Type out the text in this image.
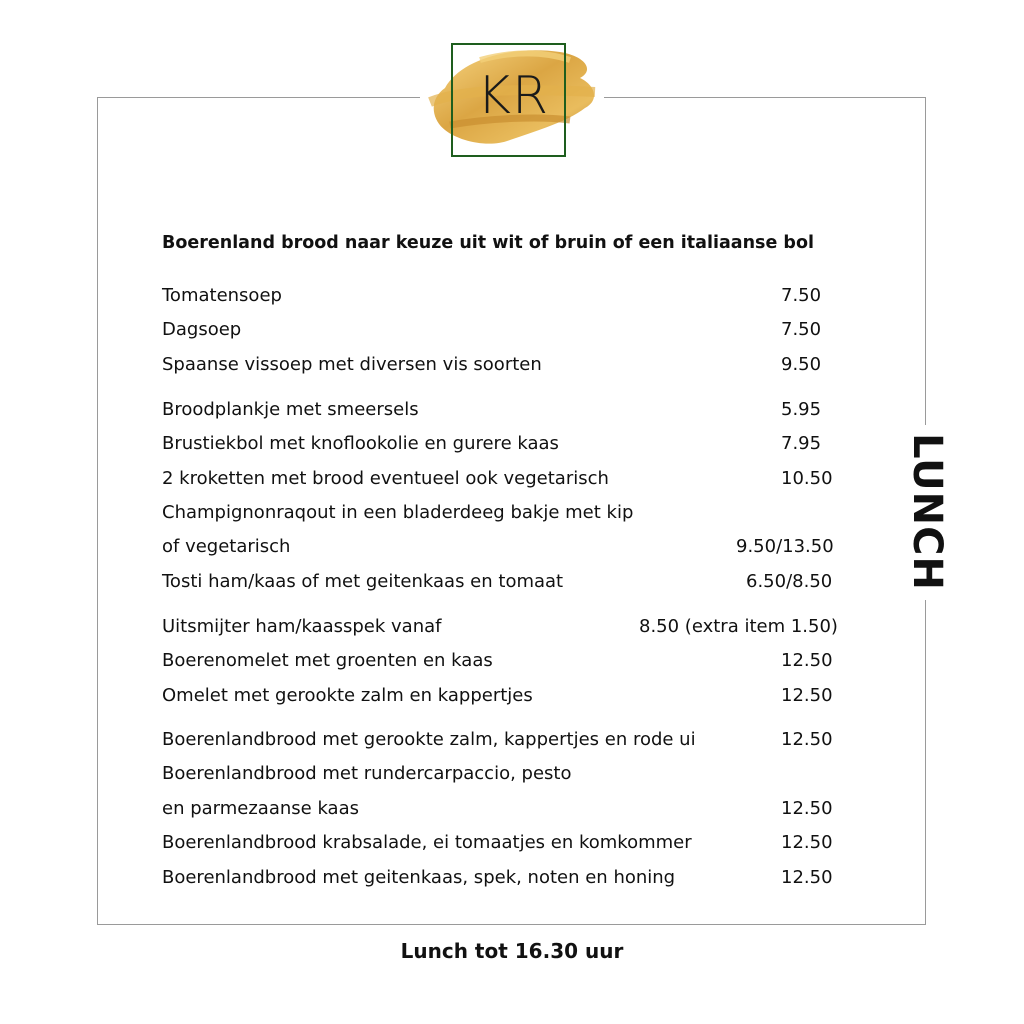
KR
LUNCH
Boerenland brood naar keuze uit wit of bruin of een italiaanse bol
Tomatensoep	7.50
Dagsoep	7.50
Spaanse vissoep met diversen vis soorten	9.50
Broodplankje met smeersels	5.95
Brustiekbol met knoflookolie en gurere kaas	7.95
2 kroketten met brood eventueel ook vegetarisch	10.50
Champignonraqout in een bladerdeeg bakje met kip
of vegetarisch	9.50/13.50
Tosti ham/kaas of met geitenkaas en tomaat	6.50/8.50
Uitsmijter ham/kaasspek vanaf	8.50 (extra item 1.50)
Boerenomelet met groenten en kaas	12.50
Omelet met gerookte zalm en kappertjes	12.50
Boerenlandbrood met gerookte zalm, kappertjes en rode ui	12.50
Boerenlandbrood met rundercarpaccio, pesto
en parmezaanse kaas	12.50
Boerenlandbrood krabsalade, ei tomaatjes en komkommer	12.50
Boerenlandbrood met geitenkaas, spek, noten en honing	12.50
Lunch tot 16.30 uur
